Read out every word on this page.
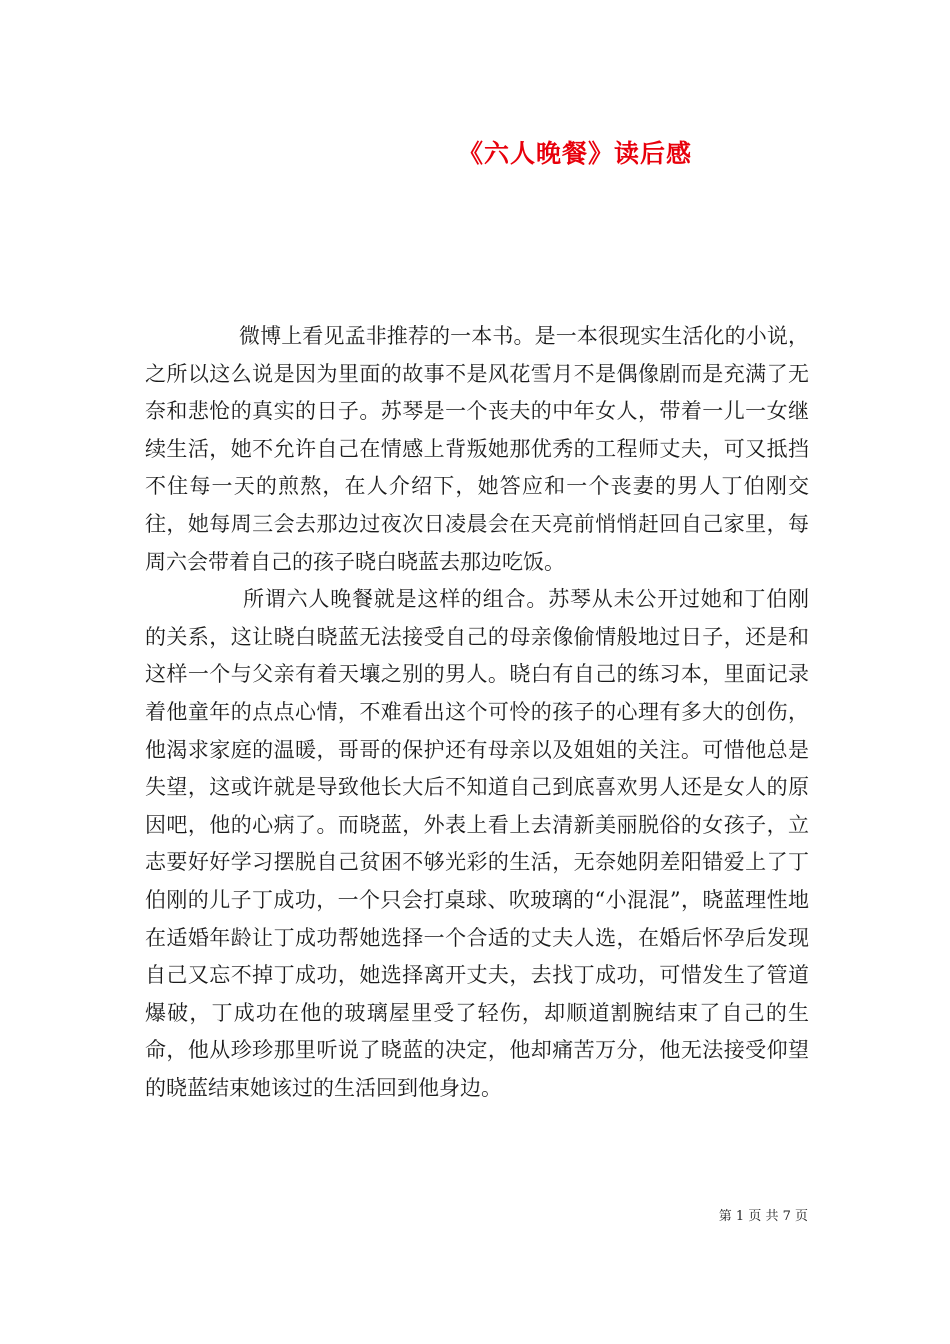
《六人晚餐》读后感

微博上看见孟非推荐的一本书。是一本很现实生活化的小说，之所以这么说是因为里面的故事不是风花雪月不是偶像剧而是充满了无奈和悲怆的真实的日子。苏琴是一个丧夫的中年女人，带着一儿一女继续生活，她不允许自己在情感上背叛她那优秀的工程师丈夫，可又抵挡不住每一天的煎熬，在人介绍下，她答应和一个丧妻的男人丁伯刚交往，她每周三会去那边过夜次日凌晨会在天亮前悄悄赶回自己家里，每周六会带着自己的孩子晓白晓蓝去那边吃饭。

所谓六人晚餐就是这样的组合。苏琴从未公开过她和丁伯刚的关系，这让晓白晓蓝无法接受自己的母亲像偷情般地过日子，还是和这样一个与父亲有着天壤之别的男人。晓白有自己的练习本，里面记录着他童年的点点心情，不难看出这个可怜的孩子的心理有多大的创伤，他渴求家庭的温暖，哥哥的保护还有母亲以及姐姐的关注。可惜他总是失望，这或许就是导致他长大后不知道自己到底喜欢男人还是女人的原因吧，他的心病了。而晓蓝，外表上看上去清新美丽脱俗的女孩子，立志要好好学习摆脱自己贫困不够光彩的生活，无奈她阴差阳错爱上了丁伯刚的儿子丁成功，一个只会打桌球、吹玻璃的“小混混”，晓蓝理性地在适婚年龄让丁成功帮她选择一个合适的丈夫人选，在婚后怀孕后发现自己又忘不掉丁成功，她选择离开丈夫，去找丁成功，可惜发生了管道爆破，丁成功在他的玻璃屋里受了轻伤，却顺道割腕结束了自己的生命，他从珍珍那里听说了晓蓝的决定，他却痛苦万分，他无法接受仰望的晓蓝结束她该过的生活回到他身边。

第 1 页 共 7 页
